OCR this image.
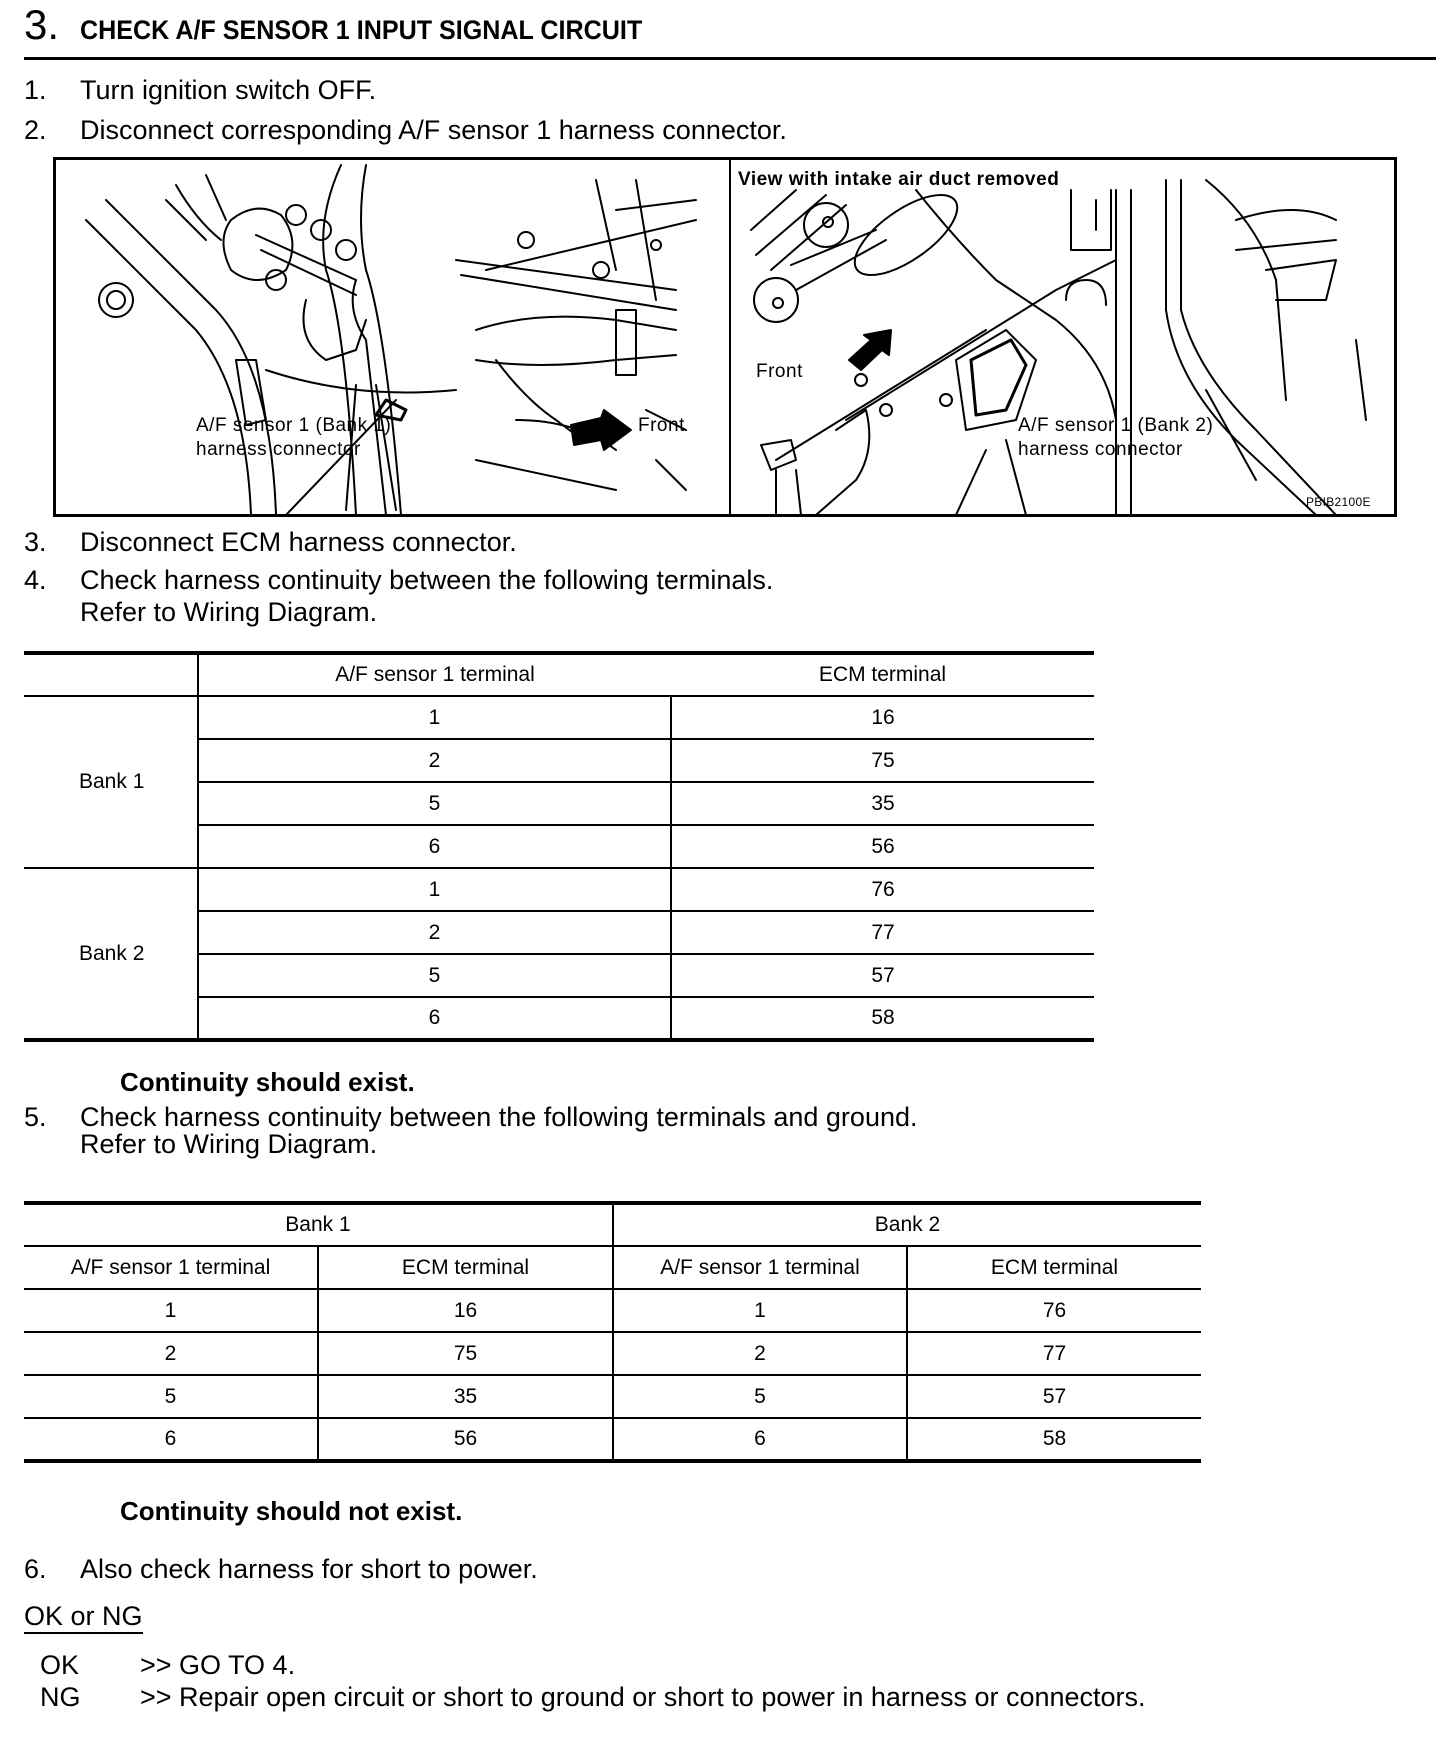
3. CHECK A/F SENSOR 1 INPUT SIGNAL CIRCUIT
1. Turn ignition switch OFF.
2. Disconnect corresponding A/F sensor 1 harness connector.
A/F sensor 1 (Bank 1)
harness connector
Front
View with intake air duct removed
Front
A/F sensor 1 (Bank 2)
harness connector
PBIB2100E
3. Disconnect ECM harness connector.
4. Check harness continuity between the following terminals.
Refer to Wiring Diagram.
	A/F sensor 1 terminal	ECM terminal
Bank 1	1	16
	2	75
	5	35
	6	56
Bank 2	1	76
	2	77
	5	57
	6	58
Continuity should exist.
5. Check harness continuity between the following terminals and ground.
Refer to Wiring Diagram.
Bank 1		Bank 2	
A/F sensor 1 terminal	ECM terminal	A/F sensor 1 terminal	ECM terminal
1	16	1	76
2	75	2	77
5	35	5	57
6	56	6	58
Continuity should not exist.
6. Also check harness for short to power.
OK or NG
OK >> GO TO 4.
NG >> Repair open circuit or short to ground or short to power in harness or connectors.
